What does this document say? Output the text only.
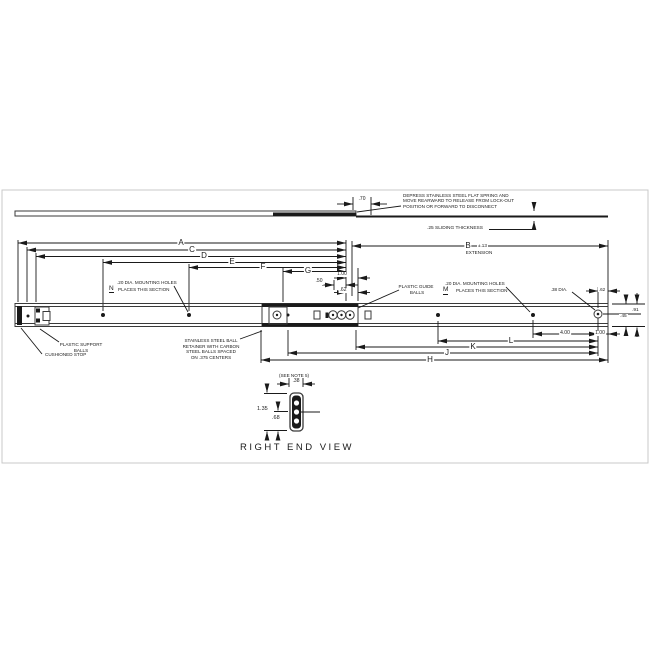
DEPRESS STAINLESS STEEL FLAT SPRING AND
MOVE REARWARD TO RELEASE FROM LOCK-OUT
POSITION OR FORWARD TO DISCONNECT
.70
.25 SLIDING THICKNESS
B ±.13
EXTENSION
A
C
D
E
F	G	1.00
.50
.62
.20 DIA. MOUNTING HOLES
N PLACES THIS SECTION	PLASTIC GUIDE
BALLS
.20 DIA. MOUNTING HOLES
M PLACES THIS SECTION	.38 DIA.	.62
.45
.91
4.00	1.00
L
K
J
H
PLASTIC SUPPORT
BALLS
CUSHIONED STOP
STAINLESS STEEL BALL
RETAINER WITH CARBON
STEEL BALLS SPACED
ON .375 CENTERS
(SEE NOTE 5)
.38
1.35
.68
RIGHT END VIEW
